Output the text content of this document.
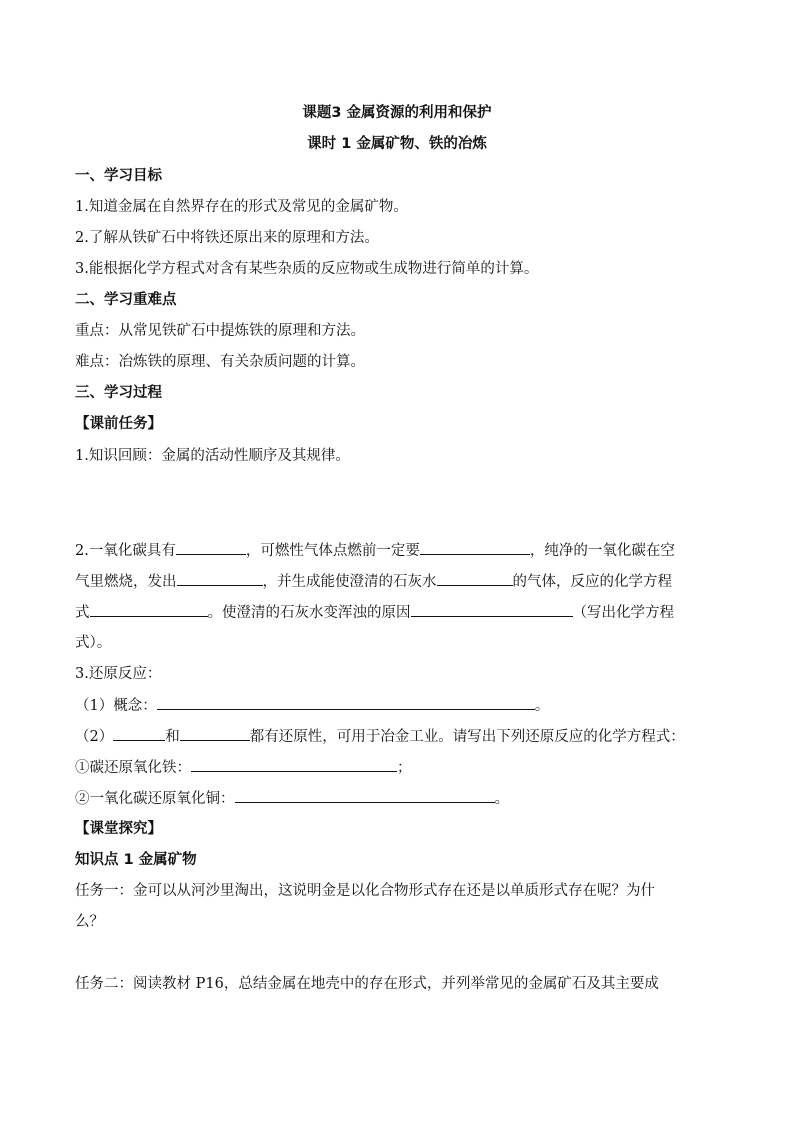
课题3 金属资源的利用和保护
课时 1 金属矿物、铁的冶炼
一、学习目标
1.知道金属在自然界存在的形式及常见的金属矿物。
2.了解从铁矿石中将铁还原出来的原理和方法。
3.能根据化学方程式对含有某些杂质的反应物或生成物进行简单的计算。
二、学习重难点
重点：从常见铁矿石中提炼铁的原理和方法。
难点：冶炼铁的原理、有关杂质问题的计算。
三、学习过程
【课前任务】
1.知识回顾：金属的活动性顺序及其规律。
2.一氧化碳具有	，可燃性气体点燃前一定要	，纯净的一氧化碳在空
气里燃烧，发出	，并生成能使澄清的石灰水	的气体，反应的化学方程
式	。使澄清的石灰水变浑浊的原因	（写出化学方程
式）。
3.还原反应：
（1）概念：	。
（2）	和	都有还原性，可用于冶金工业。请写出下列还原反应的化学方程式：
①碳还原氧化铁：	；
②一氧化碳还原氧化铜：	。
【课堂探究】
知识点 1 金属矿物
任务一：金可以从河沙里淘出，这说明金是以化合物形式存在还是以单质形式存在呢？为什
么？
任务二：阅读教材 P16，总结金属在地壳中的存在形式，并列举常见的金属矿石及其主要成
